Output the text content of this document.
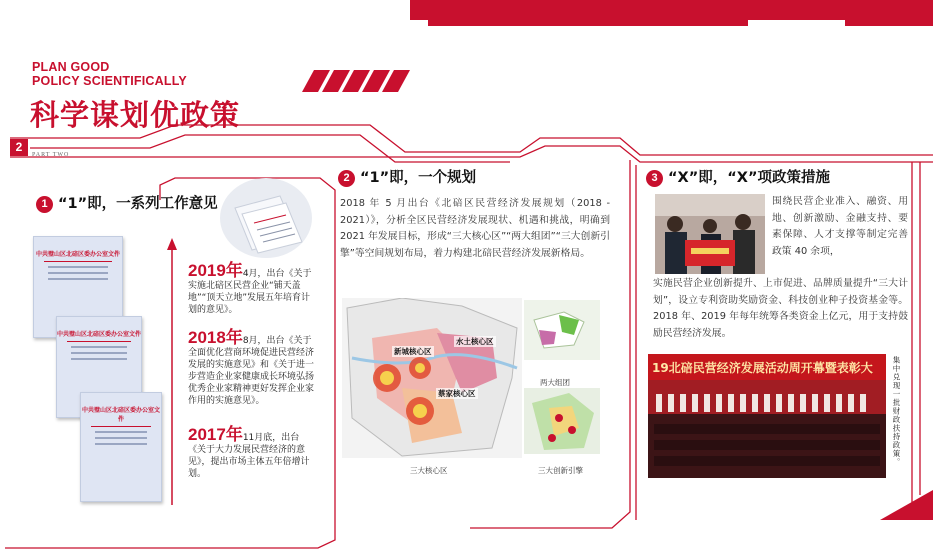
PLAN GOOD
POLICY SCIENTIFICALLY
科学谋划优政策
2
PART TWO
1 “1”即，一系列工作意见
中共璧山区北碚区委办公室文件
中共璧山区北碚区委办公室文件
中共璧山区北碚区委办公室文件
2019年4月，出台《关于实施北碚区民营企业“铺天盖地”“顶天立地”发展五年培育计划的意见》。
2018年8月，出台《关于全面优化营商环境促进民营经济发展的实施意见》和《关于进一步营造企业家健康成长环境弘扬优秀企业家精神更好发挥企业家作用的实施意见》。
2017年11月底，出台《关于大力发展民营经济的意见》，提出市场主体五年倍增计划。
2 “1”即，一个规划
2018 年 5 月出台《北碚区民营经济发展规划（2018 - 2021）》，分析全区民营经济发展现状、机遇和挑战，明确到 2021 年发展目标，形成“三大核心区”“两大组团”“三大创新引擎”等空间规划布局，着力构建北碚民营经济发展新格局。
新城核心区
水土核心区
蔡家核心区
三大核心区
两大组团
三大创新引擎
3 “X”即，“X”项政策措施
围绕民营企业准入、融资、用地、创新激励、金融支持、要素保障、人才支撑等制定完善政策 40 余项，
实施民营企业创新提升、上市促进、品牌质量提升“三大计划”，设立专利资助奖励资金、科技创业种子投资基金等。2018 年、2019 年每年统筹各类资金上亿元，用于支持鼓励民营经济发展。
19北碚民营经济发展活动周开幕暨表彰大	集中兑现一批财政扶持政策。
